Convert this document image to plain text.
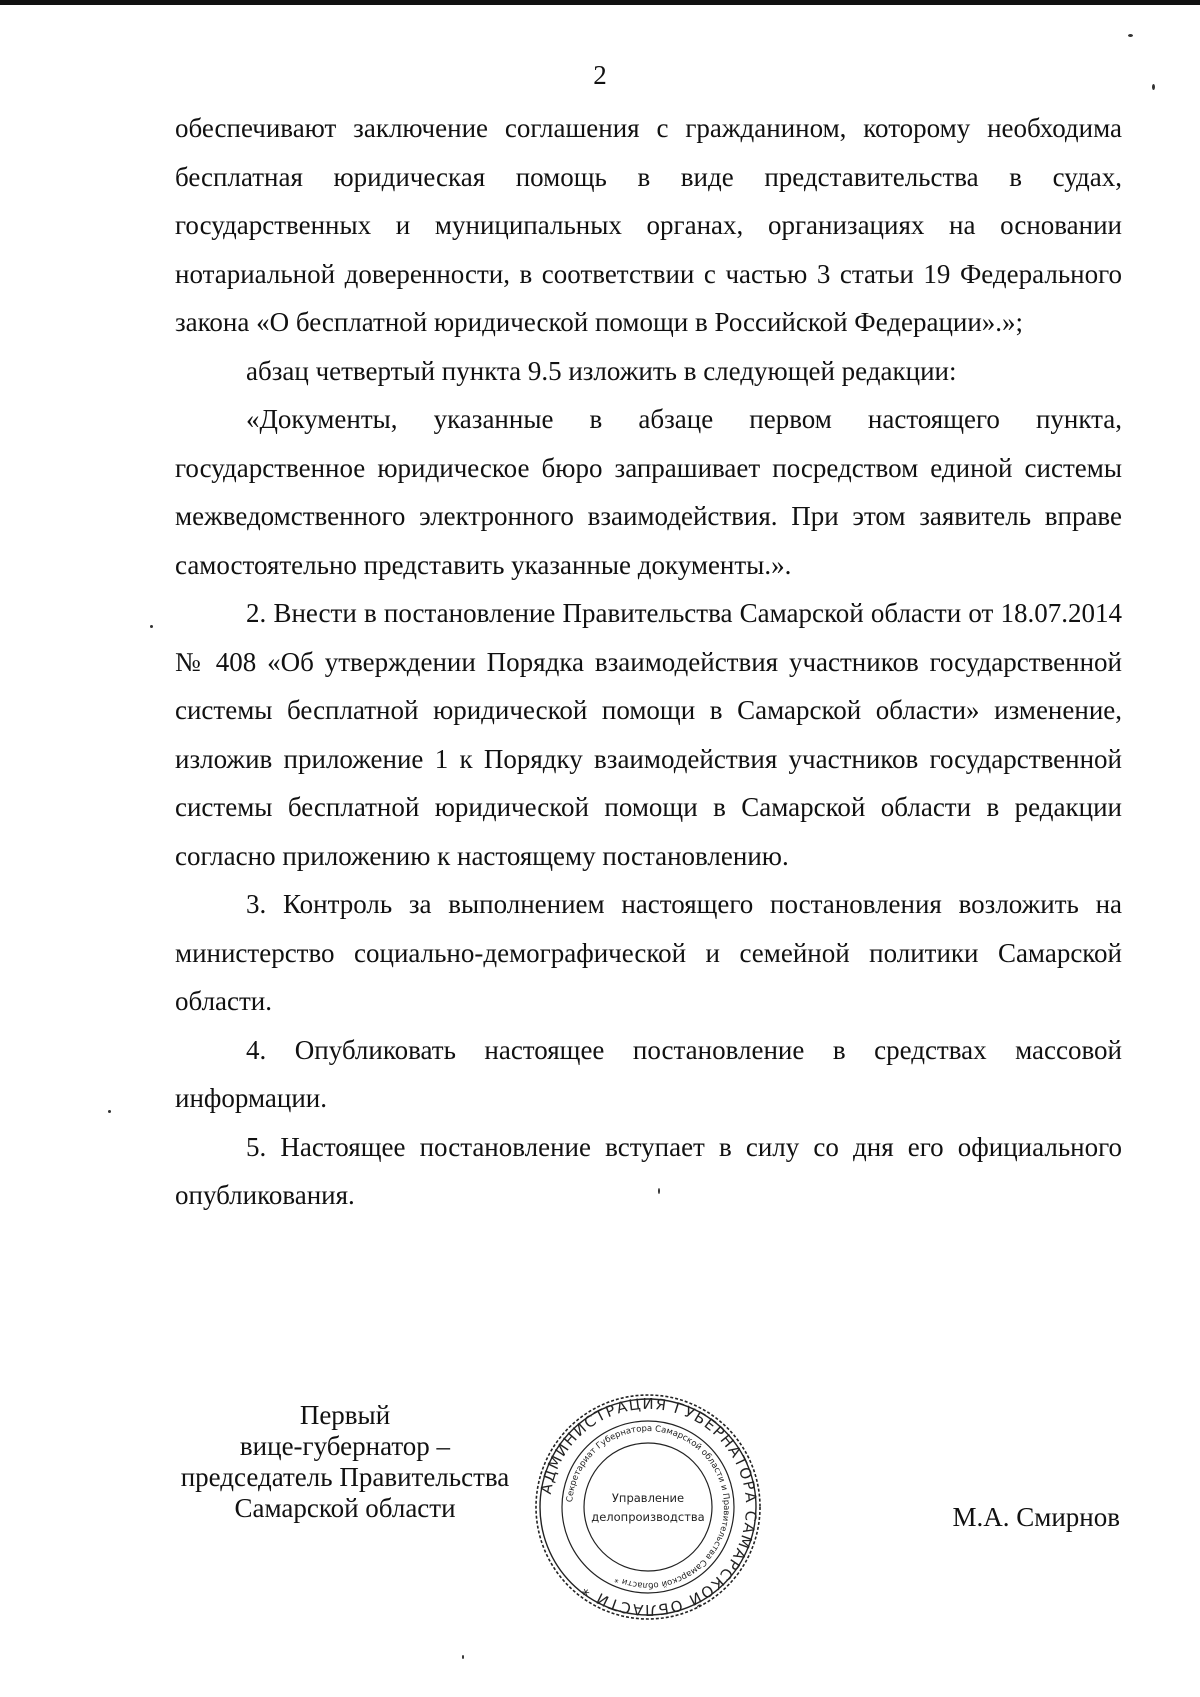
2

обеспечивают заключение соглашения с гражданином, которому необходима бесплатная юридическая помощь в виде представительства в судах, государственных и муниципальных органах, организациях на основании нотариальной доверенности, в соответствии с частью 3 статьи 19 Федерального закона «О бесплатной юридической помощи в Российской Федерации».»;

абзац четвертый пункта 9.5 изложить в следующей редакции:

«Документы, указанные в абзаце первом настоящего пункта, государственное юридическое бюро запрашивает посредством единой системы межведомственного электронного взаимодействия. При этом заявитель вправе самостоятельно представить указанные документы.».

2. Внести в постановление Правительства Самарской области от 18.07.2014 № 408 «Об утверждении Порядка взаимодействия участников государственной системы бесплатной юридической помощи в Самарской области» изменение, изложив приложение 1 к Порядку взаимодействия участников государственной системы бесплатной юридической помощи в Самарской области в редакции согласно приложению к настоящему постановлению.

3. Контроль за выполнением настоящего постановления возложить на министерство социально-демографической и семейной политики Самарской области.

4. Опубликовать настоящее постановление в средствах массовой информации.

5. Настоящее постановление вступает в силу со дня его официального опубликования.

Первый
вице-губернатор –
председатель Правительства
Самарской области
АДМИНИСТРАЦИЯ ГУБЕРНАТОРА САМАРСКОЙ ОБЛАСТИ *
Секретариат Губернатора Самарской области и Правительства Самарской области *
Управление
делопроизводства	М.А. Смирнов
